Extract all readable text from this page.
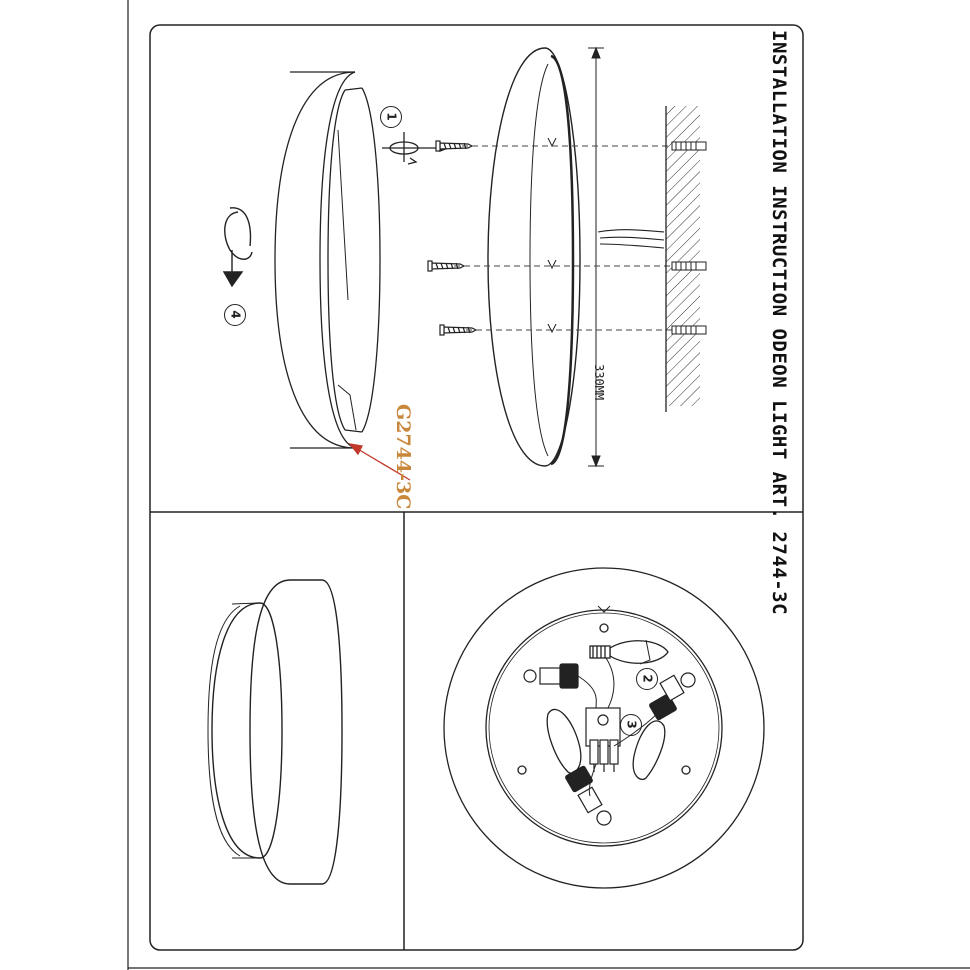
INSTALLATION INSTRUCTION ODEON LIGHT ART. 2744-3C
330MM
G2744-3C
1
2
3
4
